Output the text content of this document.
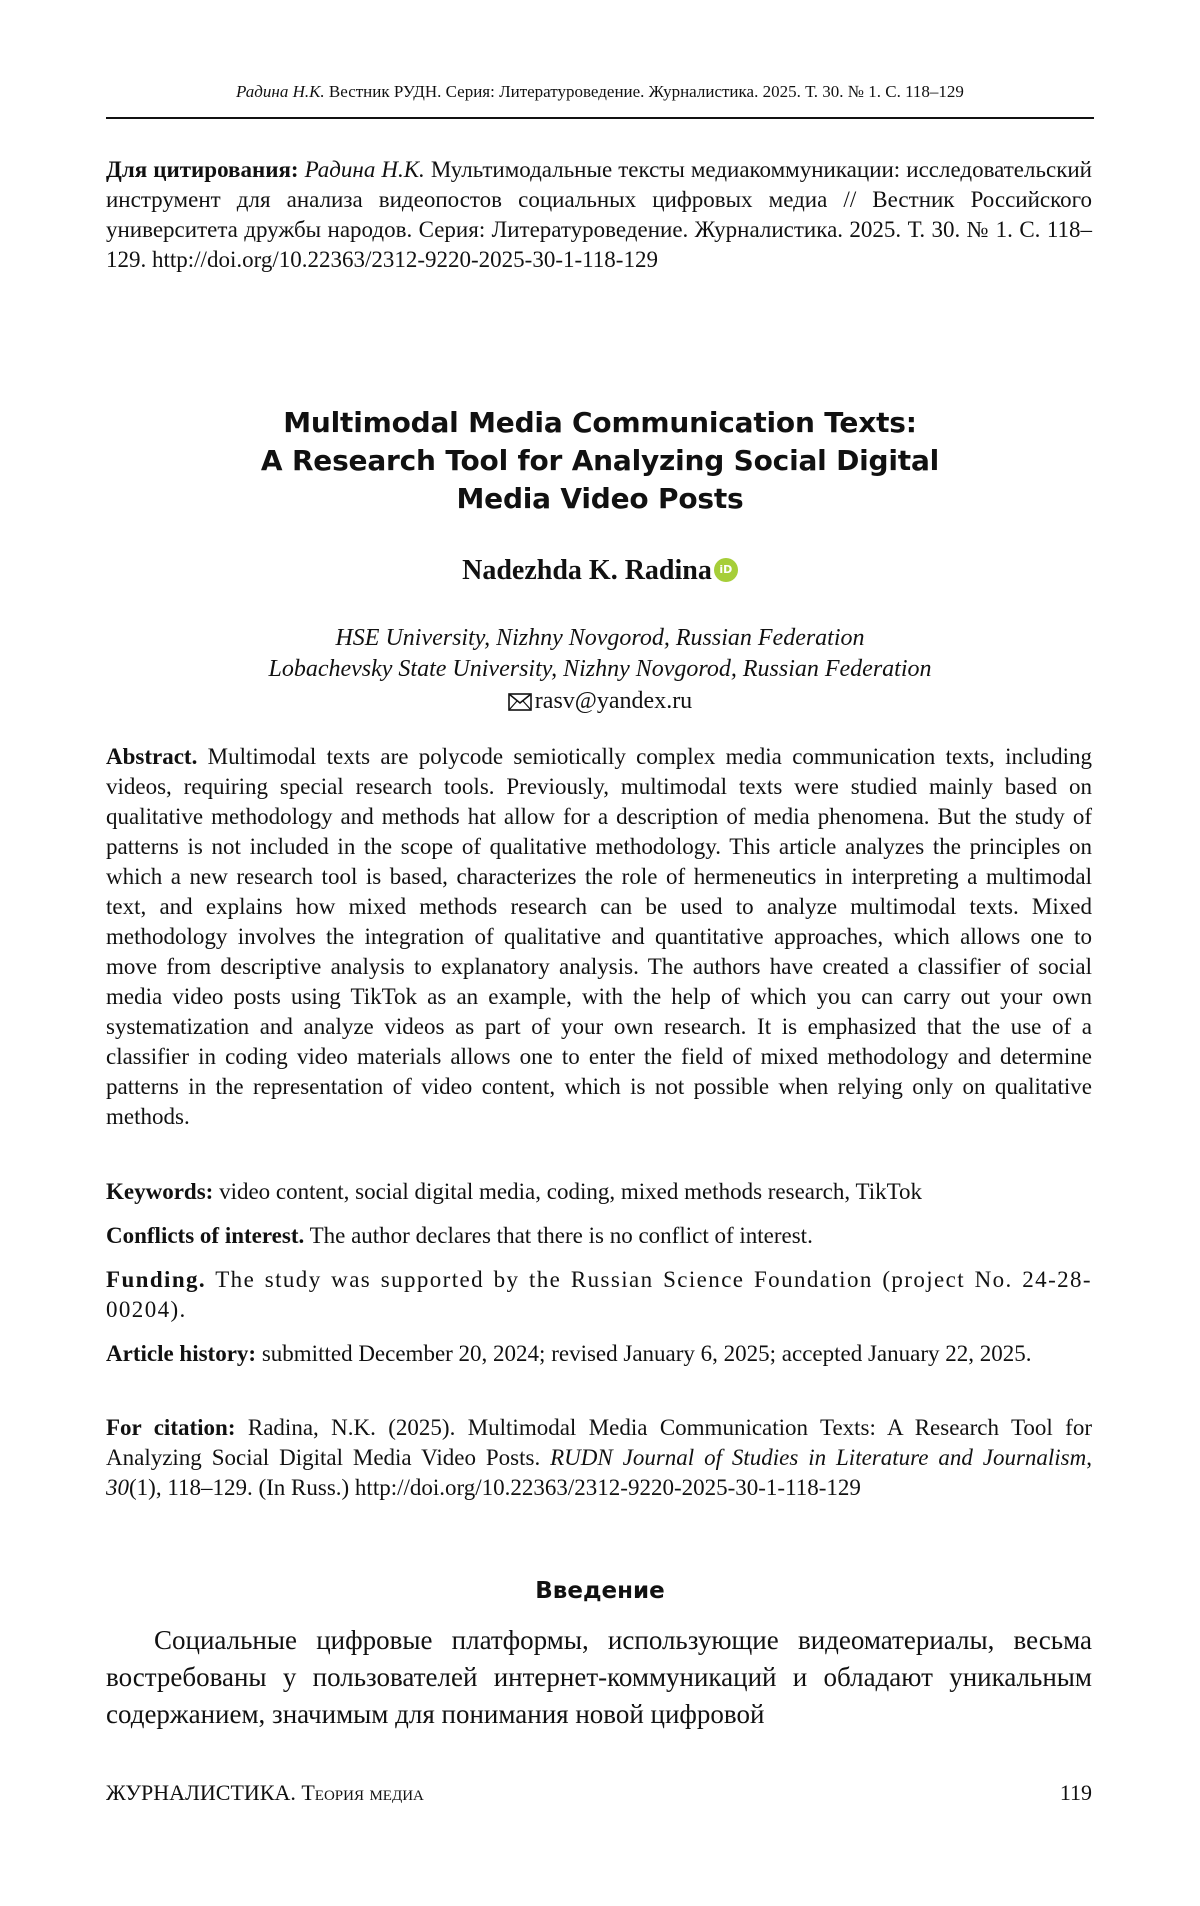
Радина Н.К. Вестник РУДН. Серия: Литературоведение. Журналистика. 2025. Т. 30. № 1. С. 118–129
Для цитирования: Радина Н.К. Мультимодальные тексты медиакоммуникации: исследовательский инструмент для анализа видеопостов социальных цифровых медиа // Вестник Российского университета дружбы народов. Серия: Литературоведение. Журналистика. 2025. Т. 30. № 1. С. 118–129. http://doi.org/10.22363/2312-9220-2025-30-1-118-129
Multimodal Media Communication Texts:
A Research Tool for Analyzing Social Digital
Media Video Posts
Nadezhda K. Radina iD
HSE University, Nizhny Novgorod, Russian Federation
Lobachevsky State University, Nizhny Novgorod, Russian Federation
rasv@yandex.ru
Abstract. Multimodal texts are polycode semiotically complex media communication texts, including videos, requiring special research tools. Previously, multimodal texts were studied mainly based on qualitative methodology and methods hat allow for a description of media phenomena. But the study of patterns is not included in the scope of qualitative methodology. This article analyzes the principles on which a new research tool is based, characterizes the role of hermeneutics in interpreting a multimodal text, and explains how mixed methods research can be used to analyze multimodal texts. Mixed methodology involves the integration of qualitative and quantitative approaches, which allows one to move from descriptive analysis to explanatory analysis. The authors have created a classifier of social media video posts using TikTok as an example, with the help of which you can carry out your own systematization and analyze videos as part of your own research. It is emphasized that the use of a classifier in coding video materials allows one to enter the field of mixed methodology and determine patterns in the representation of video content, which is not possible when relying only on qualitative methods.
Keywords: video content, social digital media, coding, mixed methods research, TikTok
Conflicts of interest. The author declares that there is no conflict of interest.
Funding. The study was supported by the Russian Science Foundation (project No. 24-28-00204).
Article history: submitted December 20, 2024; revised January 6, 2025; accepted January 22, 2025.
For citation: Radina, N.K. (2025). Multimodal Media Communication Texts: A Research Tool for Analyzing Social Digital Media Video Posts. RUDN Journal of Studies in Literature and Journalism, 30(1), 118–129. (In Russ.) http://doi.org/10.22363/2312-9220-2025-30-1-118-129
Введение
Социальные цифровые платформы, использующие видеоматериалы, весьма востребованы у пользователей интернет-коммуникаций и обладают уникальным содержанием, значимым для понимания новой цифровой
ЖУРНАЛИСТИКА. Теория медиа	119
